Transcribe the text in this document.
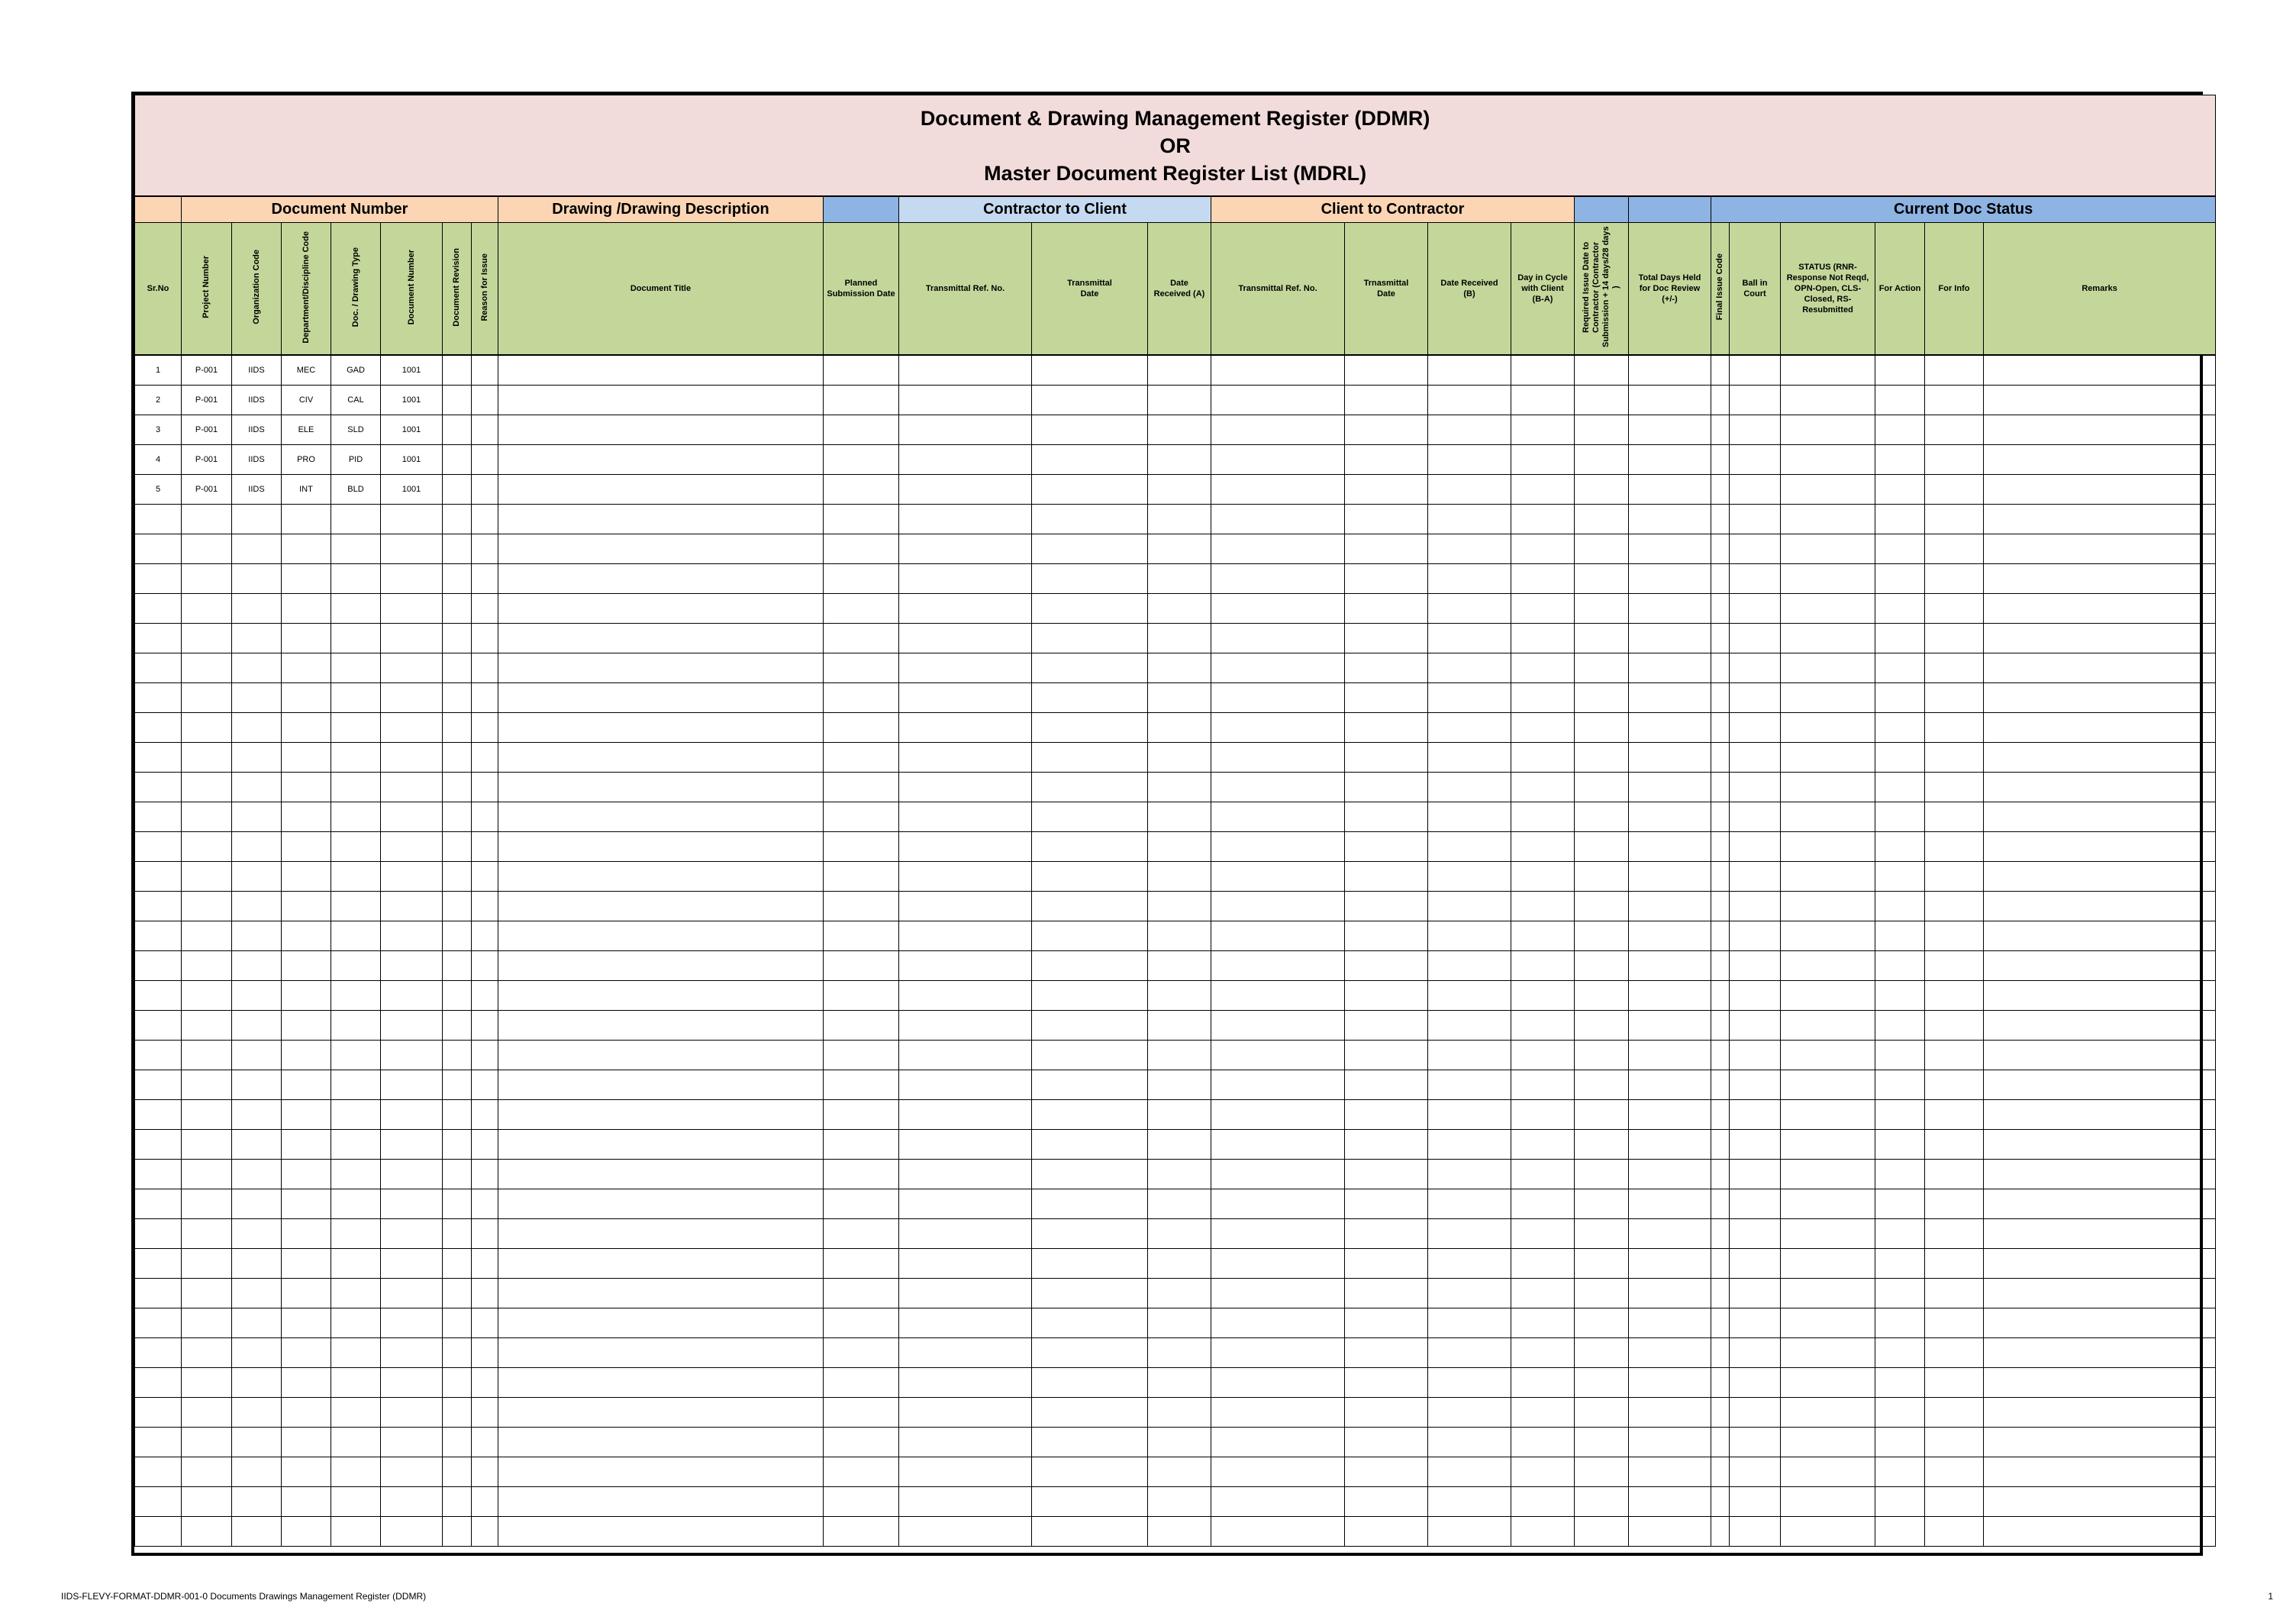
Document & Drawing Management Register (DDMR)
OR
Master Document Register List (MDRL)																								

	Document Number							Drawing /Drawing Description		Contractor to Client			Client to Contractor						Current Doc Status					
Sr.No	Project Number	Organization Code	Department/Discipline Code	Doc. / Drawing Type	Document Number	Document Revision	Reason for Issue	Document Title	Planned Submission Date	Transmittal Ref. No.	Transmittal Date	Date Received (A)	Transmittal Ref. No.	Trnasmittal Date	Date Received (B)	Day in Cycle with Client (B-A)	Required Issue Date to Contractor (Contractor Submission + 14 days/28 days )	Total Days Held for Doc Review (+/-)	Final Issue Code	Ball in Court	STATUS (RNR-Response Not Reqd, OPN-Open, CLS-Closed, RS-Resubmitted	For Action	For Info	Remarks
1	P-001	IIDS	MEC	GAD	1001																			
2	P-001	IIDS	CIV	CAL	1001																			
3	P-001	IIDS	ELE	SLD	1001																			
4	P-001	IIDS	PRO	PID	1001																			
5	P-001	IIDS	INT	BLD	1001																			

IIDS-FLEVY-FORMAT-DDMR-001-0 Documents Drawings Management Register (DDMR)	1
